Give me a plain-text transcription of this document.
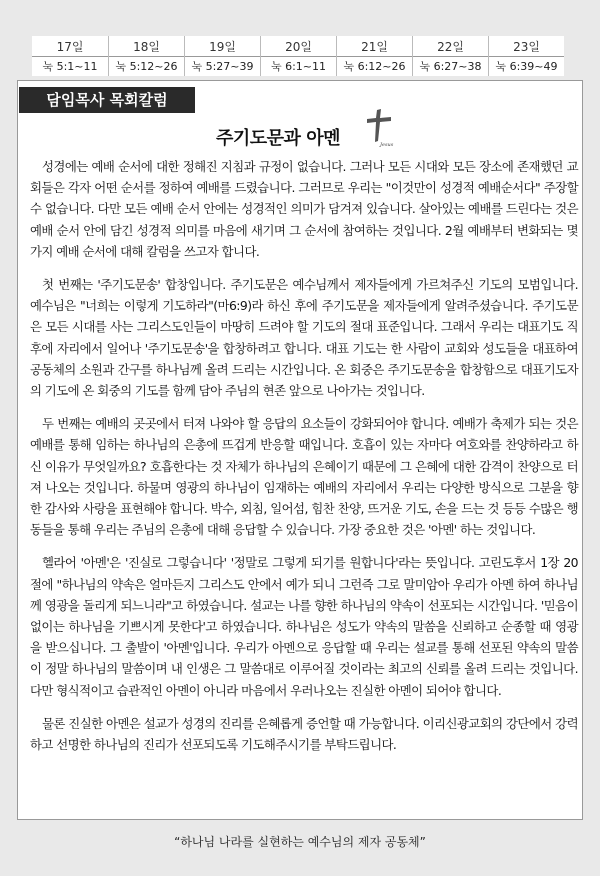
17일
눅 5:1~11
18일
눅 5:12~26
19일
눅 5:27~39
20일
눅 6:1~11
21일
눅 6:12~26
22일
눅 6:27~38
23일
눅 6:39~49
담임목사 목회칼럼
주기도문과 아멘	Jesus

성경에는 예배 순서에 대한 정해진 지침과 규정이 없습니다. 그러나 모든 시대와 모든 장소에 존재했던 교회들은 각자 어떤 순서를 정하여 예배를 드렸습니다. 그러므로 우리는 "이것만이 성경적 예배순서다" 주장할 수 없습니다. 다만 모든 예배 순서 안에는 성경적인 의미가 담겨져 있습니다. 살아있는 예배를 드린다는 것은 예배 순서 안에 담긴 성경적 의미를 마음에 새기며 그 순서에 참여하는 것입니다. 2월 예배부터 변화되는 몇 가지 예배 순서에 대해 칼럼을 쓰고자 합니다.

첫 번째는 '주기도문송' 합창입니다. 주기도문은 예수님께서 제자들에게 가르쳐주신 기도의 모범입니다. 예수님은 "너희는 이렇게 기도하라"(마6:9)라 하신 후에 주기도문을 제자들에게 알려주셨습니다. 주기도문은 모든 시대를 사는 그리스도인들이 마땅히 드려야 할 기도의 절대 표준입니다. 그래서 우리는 대표기도 직후에 자리에서 일어나 '주기도문송'을 합창하려고 합니다. 대표 기도는 한 사람이 교회와 성도들을 대표하여 공동체의 소원과 간구를 하나님께 올려 드리는 시간입니다. 온 회중은 주기도문송을 합창함으로 대표기도자의 기도에 온 회중의 기도를 함께 담아 주님의 현존 앞으로 나아가는 것입니다.

두 번째는 예배의 곳곳에서 터져 나와야 할 응답의 요소들이 강화되어야 합니다. 예배가 축제가 되는 것은 예배를 통해 임하는 하나님의 은총에 뜨겁게 반응할 때입니다. 호흡이 있는 자마다 여호와를 찬양하라고 하신 이유가 무엇일까요? 호흡한다는 것 자체가 하나님의 은혜이기 때문에 그 은혜에 대한 감격이 찬양으로 터져 나오는 것입니다. 하물며 영광의 하나님이 임재하는 예배의 자리에서 우리는 다양한 방식으로 그분을 향한 감사와 사랑을 표현해야 합니다. 박수, 외침, 일어섬, 힘찬 찬양, 뜨거운 기도, 손을 드는 것 등등 수많은 행동들을 통해 우리는 주님의 은총에 대해 응답할 수 있습니다. 가장 중요한 것은 '아멘' 하는 것입니다.

헬라어 '아멘'은 '진실로 그렇습니다' '정말로 그렇게 되기를 원합니다'라는 뜻입니다. 고린도후서 1장 20절에 "하나님의 약속은 얼마든지 그리스도 안에서 예가 되니 그런즉 그로 말미암아 우리가 아멘 하여 하나님께 영광을 돌리게 되느니라"고 하였습니다. 설교는 나를 향한 하나님의 약속이 선포되는 시간입니다. '믿음이 없이는 하나님을 기쁘시게 못한다'고 하였습니다. 하나님은 성도가 약속의 말씀을 신뢰하고 순종할 때 영광을 받으십니다. 그 출발이 '아멘'입니다. 우리가 아멘으로 응답할 때 우리는 설교를 통해 선포된 약속의 말씀이 정말 하나님의 말씀이며 내 인생은 그 말씀대로 이루어질 것이라는 최고의 신뢰를 올려 드리는 것입니다. 다만 형식적이고 습관적인 아멘이 아니라 마음에서 우러나오는 진실한 아멘이 되어야 합니다.

물론 진실한 아멘은 설교가 성경의 진리를 은혜롭게 증언할 때 가능합니다. 이리신광교회의 강단에서 강력하고 선명한 하나님의 진리가 선포되도록 기도해주시기를 부탁드립니다.

“하나님 나라를 실현하는 예수님의 제자 공동체”
